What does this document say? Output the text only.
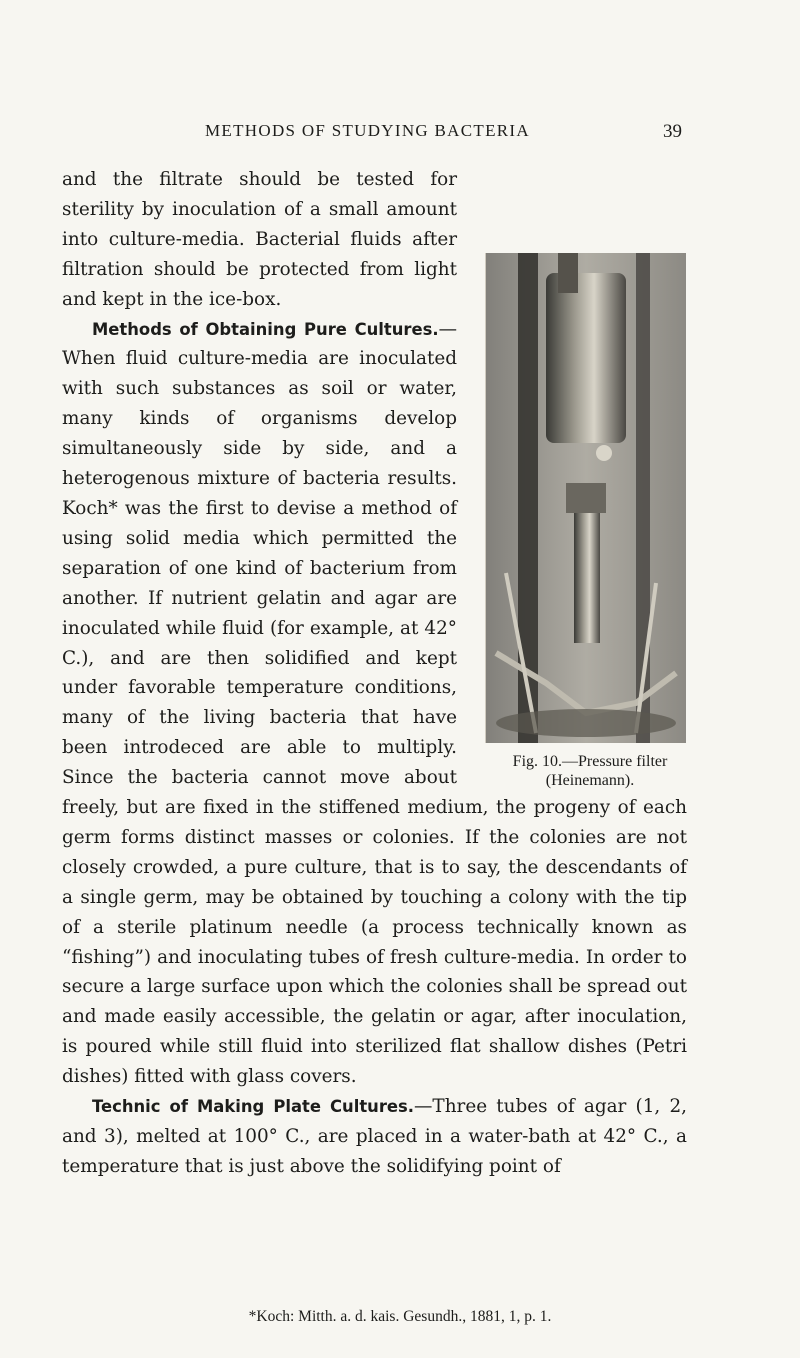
METHODS OF STUDYING BACTERIA	39

and the filtrate should be tested for sterility by inoculation of a small amount into culture-media. Bacterial fluids after filtration should be protected from light and kept in the ice-box.

Methods of Obtaining Pure Cultures.—When fluid culture-media are inoculated with such substances as soil or water, many kinds of organisms develop simultaneously side by side, and a heterogenous mixture of bacteria results. Koch* was the first to devise a method of using solid media which permitted the separation of one kind of bacterium from another. If nutrient gelatin and agar are inoculated while fluid (for example, at 42° C.), and are then solidified and kept under favorable temperature conditions, many of the living bacteria that have been introdeced are able to multiply. Since the bacteria cannot move about freely, but are fixed in the stiffened medium, the progeny of each germ forms distinct masses or colonies. If the colonies are not closely crowded, a pure culture, that is to say, the descendants of a single germ, may be obtained by touching a colony with the tip of a sterile platinum needle (a process technically known as “fishing”) and inoculating tubes of fresh culture-media. In order to secure a large surface upon which the colonies shall be spread out and made easily accessible, the gelatin or agar, after inoculation, is poured while still fluid into sterilized flat shallow dishes (Petri dishes) fitted with glass covers.

Technic of Making Plate Cultures.—Three tubes of agar (1, 2, and 3), melted at 100° C., are placed in a water-bath at 42° C., a temperature that is just above the solidifying point of

Fig. 10.—Pressure filter
(Heinemann).
*Koch: Mitth. a. d. kais. Gesundh., 1881, 1, p. 1.
